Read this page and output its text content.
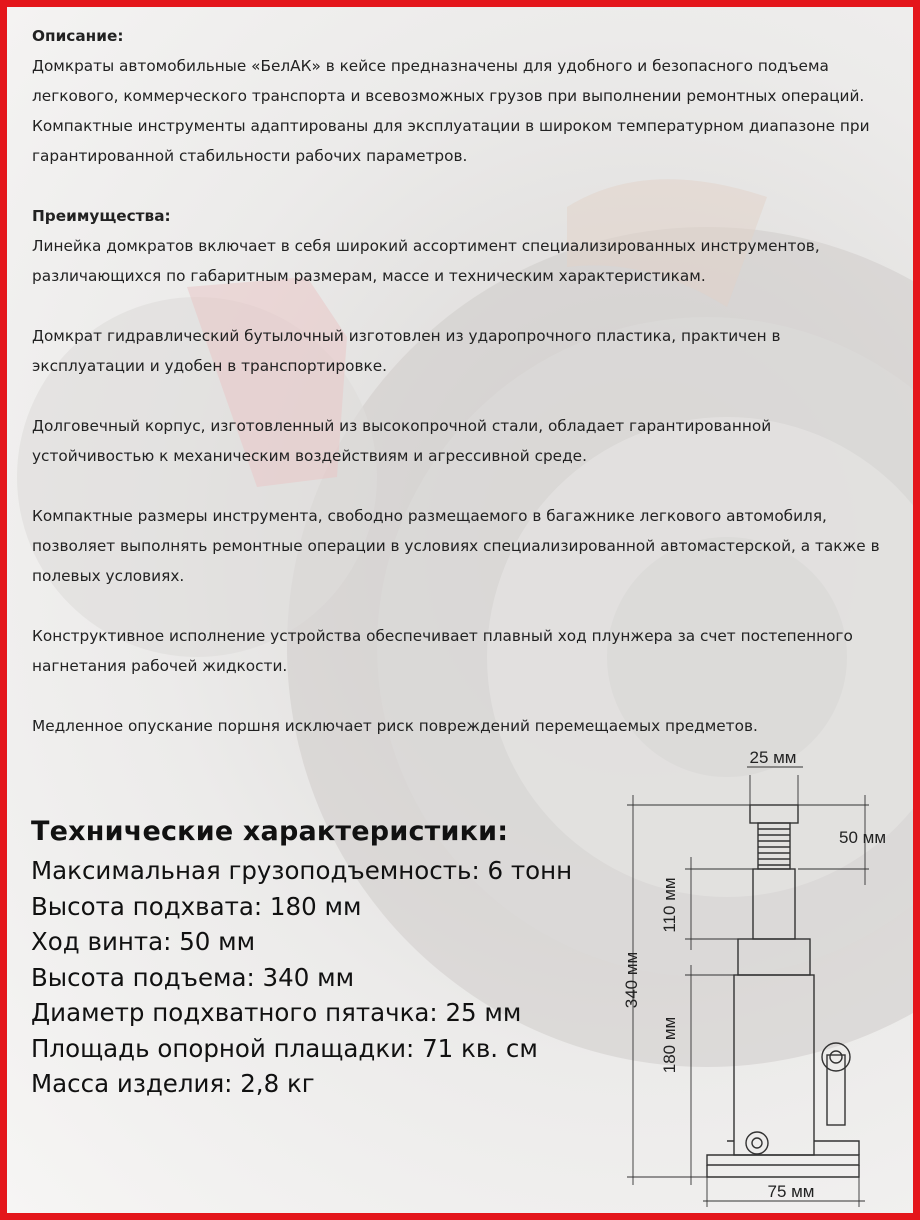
Описание:

Домкраты автомобильные «БелАК» в кейсе предназначены для удобного и безопасного подъема легкового, коммерческого транспорта и всевозможных грузов при выполнении ремонтных операций. Компактные инструменты адаптированы для эксплуатации в широком температурном диапазоне при гарантированной стабильности рабочих параметров.

Преимущества:

Линейка домкратов включает в себя широкий ассортимент специализированных инструментов, различающихся по габаритным размерам, массе и техническим характеристикам.

Домкрат гидравлический бутылочный изготовлен из ударопрочного пластика, практичен в эксплуатации и удобен в транспортировке.

Долговечный корпус, изготовленный из высокопрочной стали, обладает гарантированной устойчивостью к механическим воздействиям и агрессивной среде.

Компактные размеры инструмента, свободно размещаемого в багажнике легкового автомобиля, позволяет выполнять ремонтные операции в условиях специализированной автомастерской, а также в полевых условиях.

Конструктивное исполнение устройства обеспечивает плавный ход плунжера за счет постепенного нагнетания рабочей жидкости.

Медленное опускание поршня исключает риск повреждений перемещаемых предметов.

Технические характеристики:
Максимальная грузоподъемность: 6 тонн
Высота подхвата: 180 мм
Ход винта: 50 мм
Высота подъема: 340 мм
Диаметр подхватного пятачка: 25 мм
Площадь опорной плащадки: 71 кв. см
Масса изделия: 2,8 кг
25 мм
50 мм
110 мм
340 мм
180 мм
75 мм
